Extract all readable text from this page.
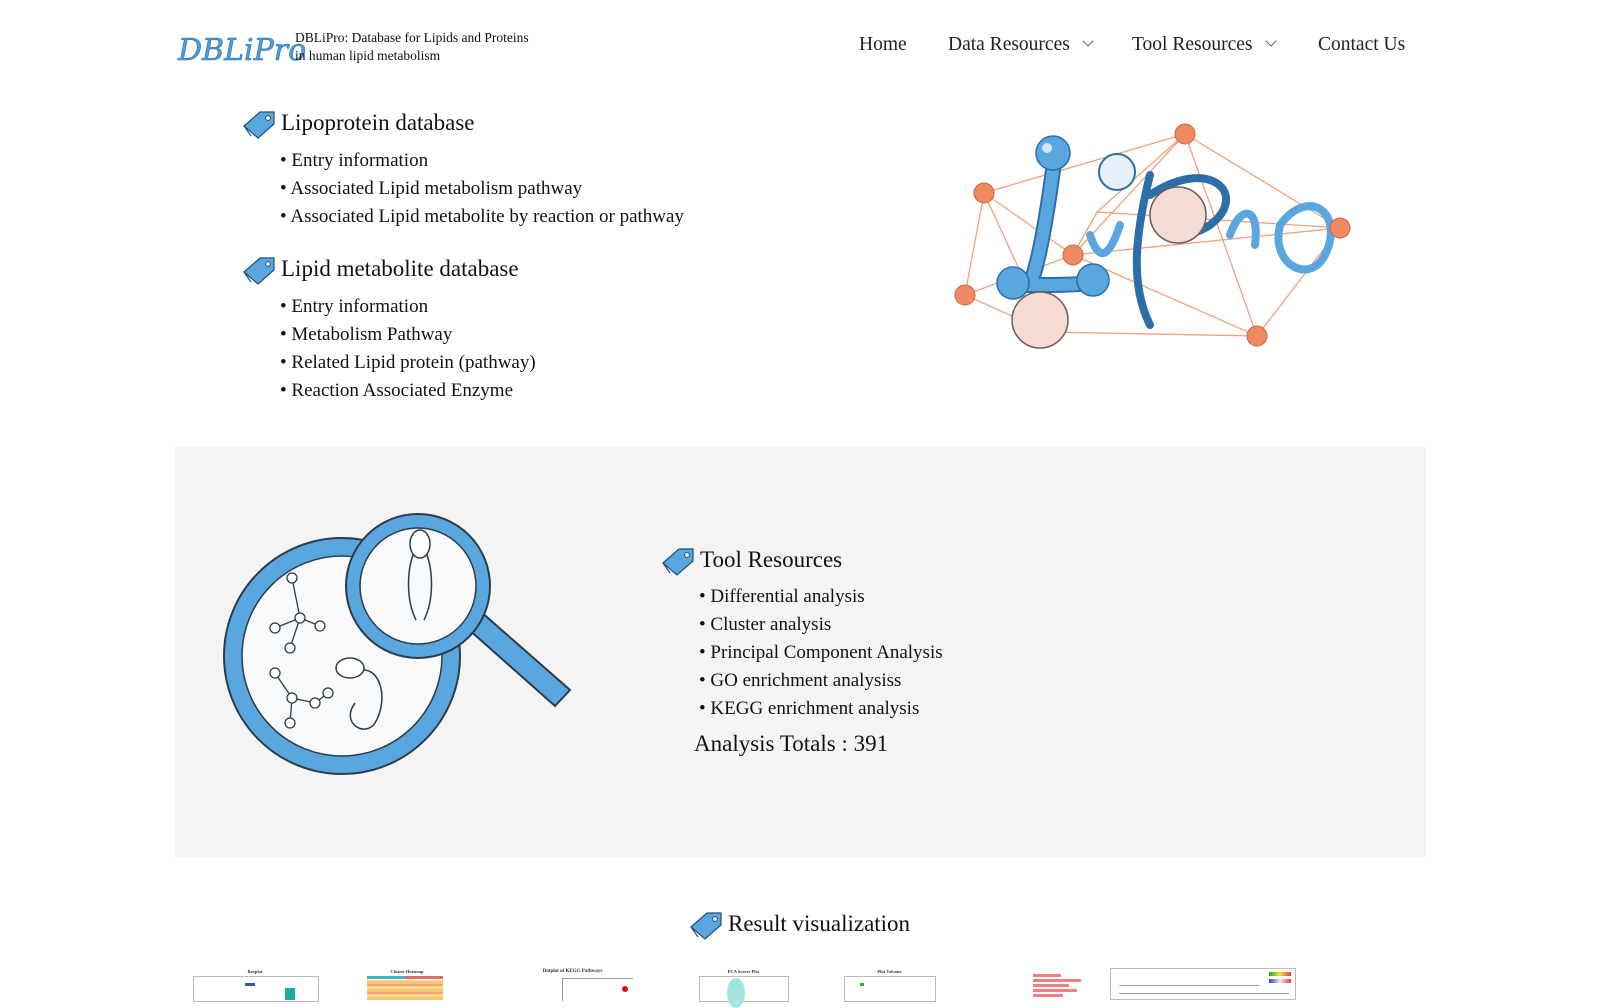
DBLiPro
DBLiPro: Database for Lipids and Proteins
in human lipid metabolism
Home Data Resources	Tool Resources	Contact Us
Lipoprotein database
• Entry information
• Associated Lipid metabolism pathway
• Associated Lipid metabolite by reaction or pathway
Lipid metabolite database
• Entry information
• Metabolism Pathway
• Related Lipid protein (pathway)
• Reaction Associated Enzyme
Tool Resources
• Differential analysis
• Cluster analysis
• Principal Component Analysis
• GO enrichment analysiss
• KEGG enrichment analysis
Analysis Totals : 391
Result visualization
Boxplot	Cluster Heatmap	Dotplot of KEGG Pathways	PCA Scores Plot	Plot Volcano
